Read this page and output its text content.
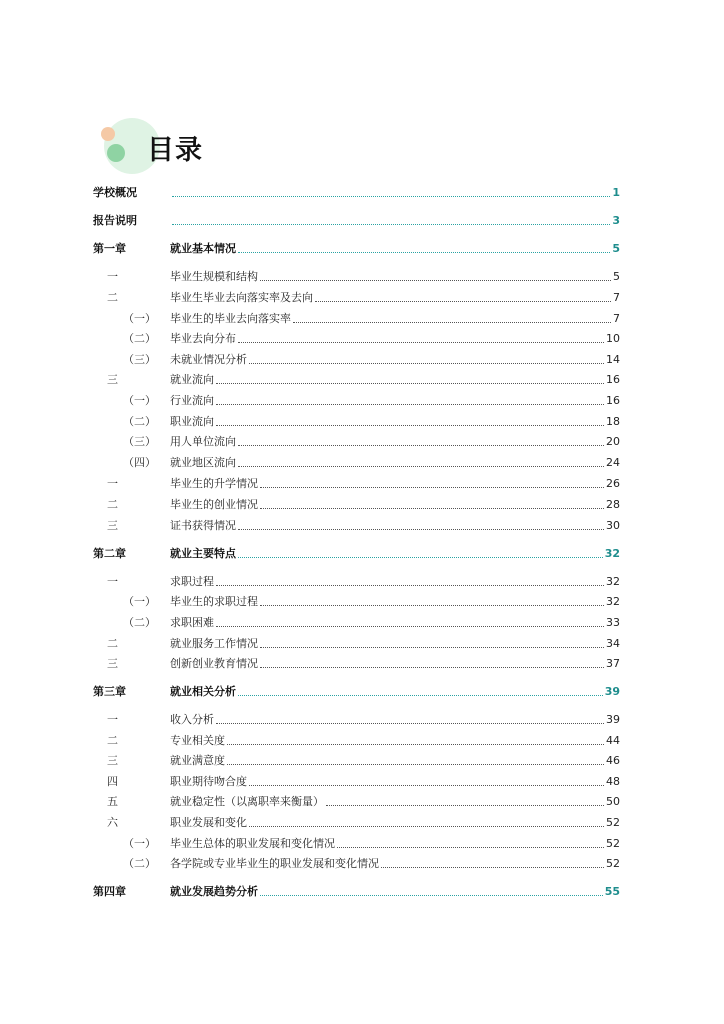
目录
学校概况	1
报告说明	3
第一章	就业基本情况	5
一	毕业生规模和结构	5
二	毕业生毕业去向落实率及去向	7
（一） 毕业生的毕业去向落实率	7
（二） 毕业去向分布	10
（三） 未就业情况分析	14
三	就业流向	16
（一） 行业流向	16
（二） 职业流向	18
（三） 用人单位流向	20
（四） 就业地区流向	24
一	毕业生的升学情况	26
二	毕业生的创业情况	28
三	证书获得情况	30
第二章	就业主要特点	32
一	求职过程	32
（一） 毕业生的求职过程	32
（二） 求职困难	33
二	就业服务工作情况	34
三	创新创业教育情况	37
第三章	就业相关分析	39
一	收入分析	39
二	专业相关度	44
三	就业满意度	46
四	职业期待吻合度	48
五	就业稳定性（以离职率来衡量）	50
六	职业发展和变化	52
（一） 毕业生总体的职业发展和变化情况	52
（二） 各学院或专业毕业生的职业发展和变化情况	52
第四章	就业发展趋势分析	55
